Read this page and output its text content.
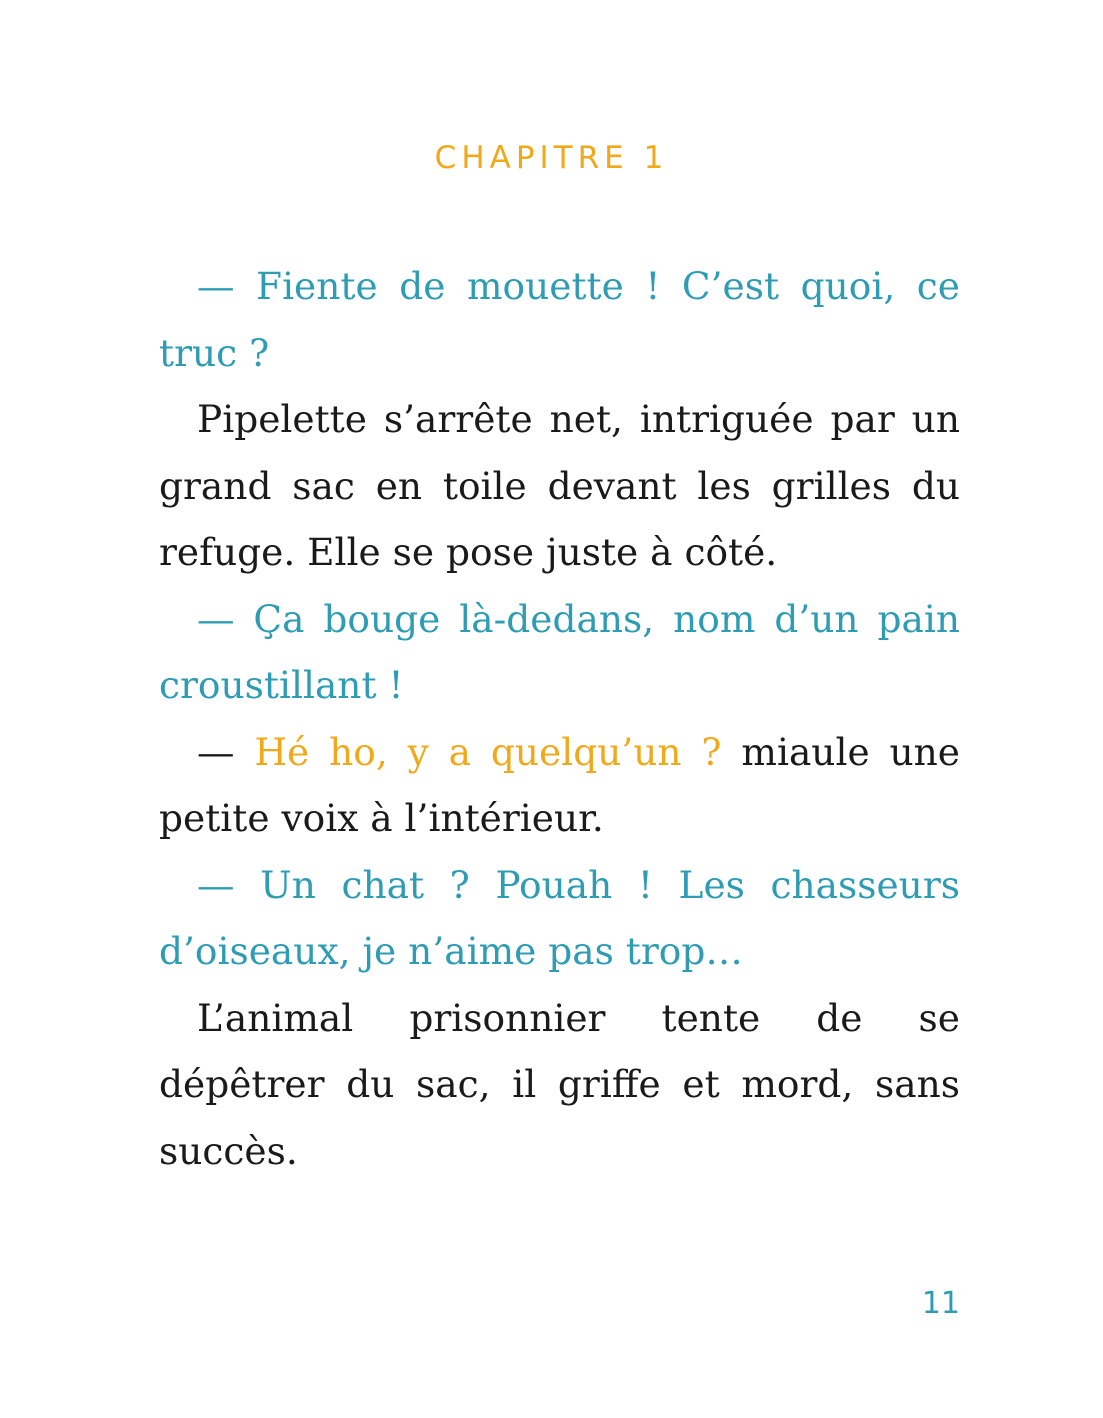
CHAPITRE 1

— Fiente de mouette ! C’est quoi, ce
truc ?

Pipelette s’arrête net, intriguée par un
grand sac en toile devant les grilles du
refuge. Elle se pose juste à côté.

— Ça bouge là-dedans, nom d’un pain
croustillant !

— Hé ho, y a quelqu’un ? miaule une
petite voix à l’intérieur.

— Un chat ? Pouah ! Les chasseurs
d’oiseaux, je n’aime pas trop…

L’animal prisonnier tente de se
dépêtrer du sac, il griffe et mord, sans
succès.

11
